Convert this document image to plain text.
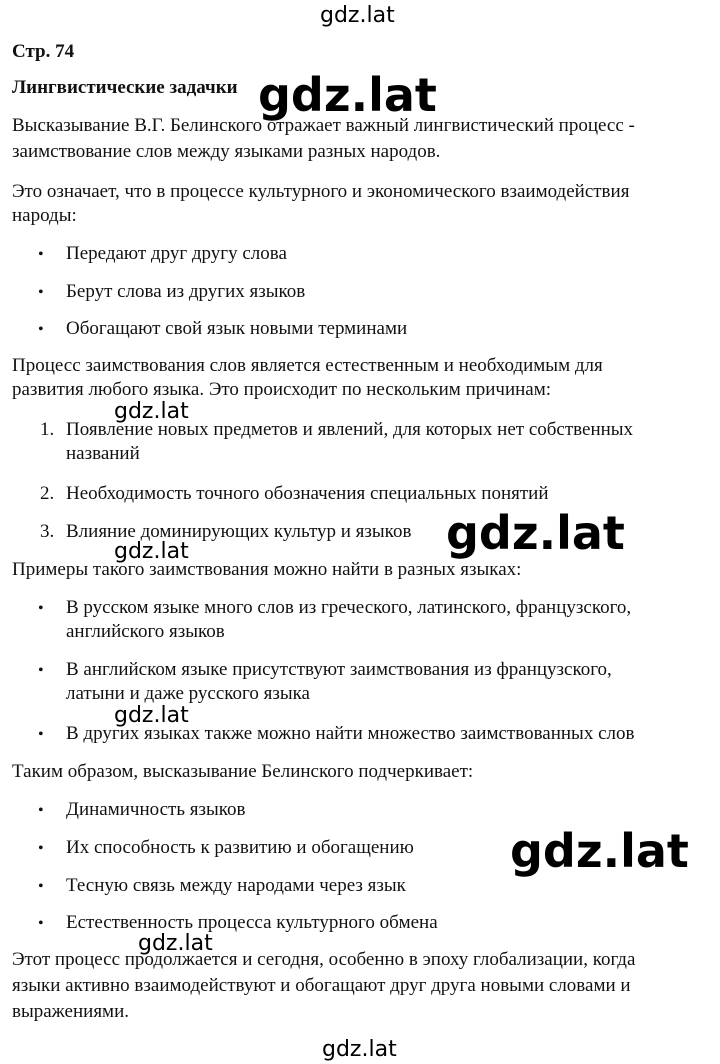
gdz.lat
Стр. 74
Лингвистические задачки gdz.lat
Высказывание В.Г. Белинского отражает важный лингвистический процесс -
заимствование слов между языками разных народов.
Это означает, что в процессе культурного и экономического взаимодействия
народы:
• Передают друг другу слова
• Берут слова из других языков
• Обогащают свой язык новыми терминами
Процесс заимствования слов является естественным и необходимым для
развития любого языка. Это происходит по нескольким причинам:
gdz.lat
1. Появление новых предметов и явлений, для которых нет собственных
названий
2. Необходимость точного обозначения специальных понятий
3. Влияние доминирующих культур и языков gdz.lat
gdz.lat
Примеры такого заимствования можно найти в разных языках:
• В русском языке много слов из греческого, латинского, французского,
английского языков
• В английском языке присутствуют заимствования из французского,
латыни и даже русского языка
gdz.lat
• В других языках также можно найти множество заимствованных слов
Таким образом, высказывание Белинского подчеркивает:
• Динамичность языков
• Их способность к развитию и обогащению gdz.lat
• Тесную связь между народами через язык
• Естественность процесса культурного обмена
gdz.lat
Этот процесс продолжается и сегодня, особенно в эпоху глобализации, когда
языки активно взаимодействуют и обогащают друг друга новыми словами и
выражениями.
gdz.lat
